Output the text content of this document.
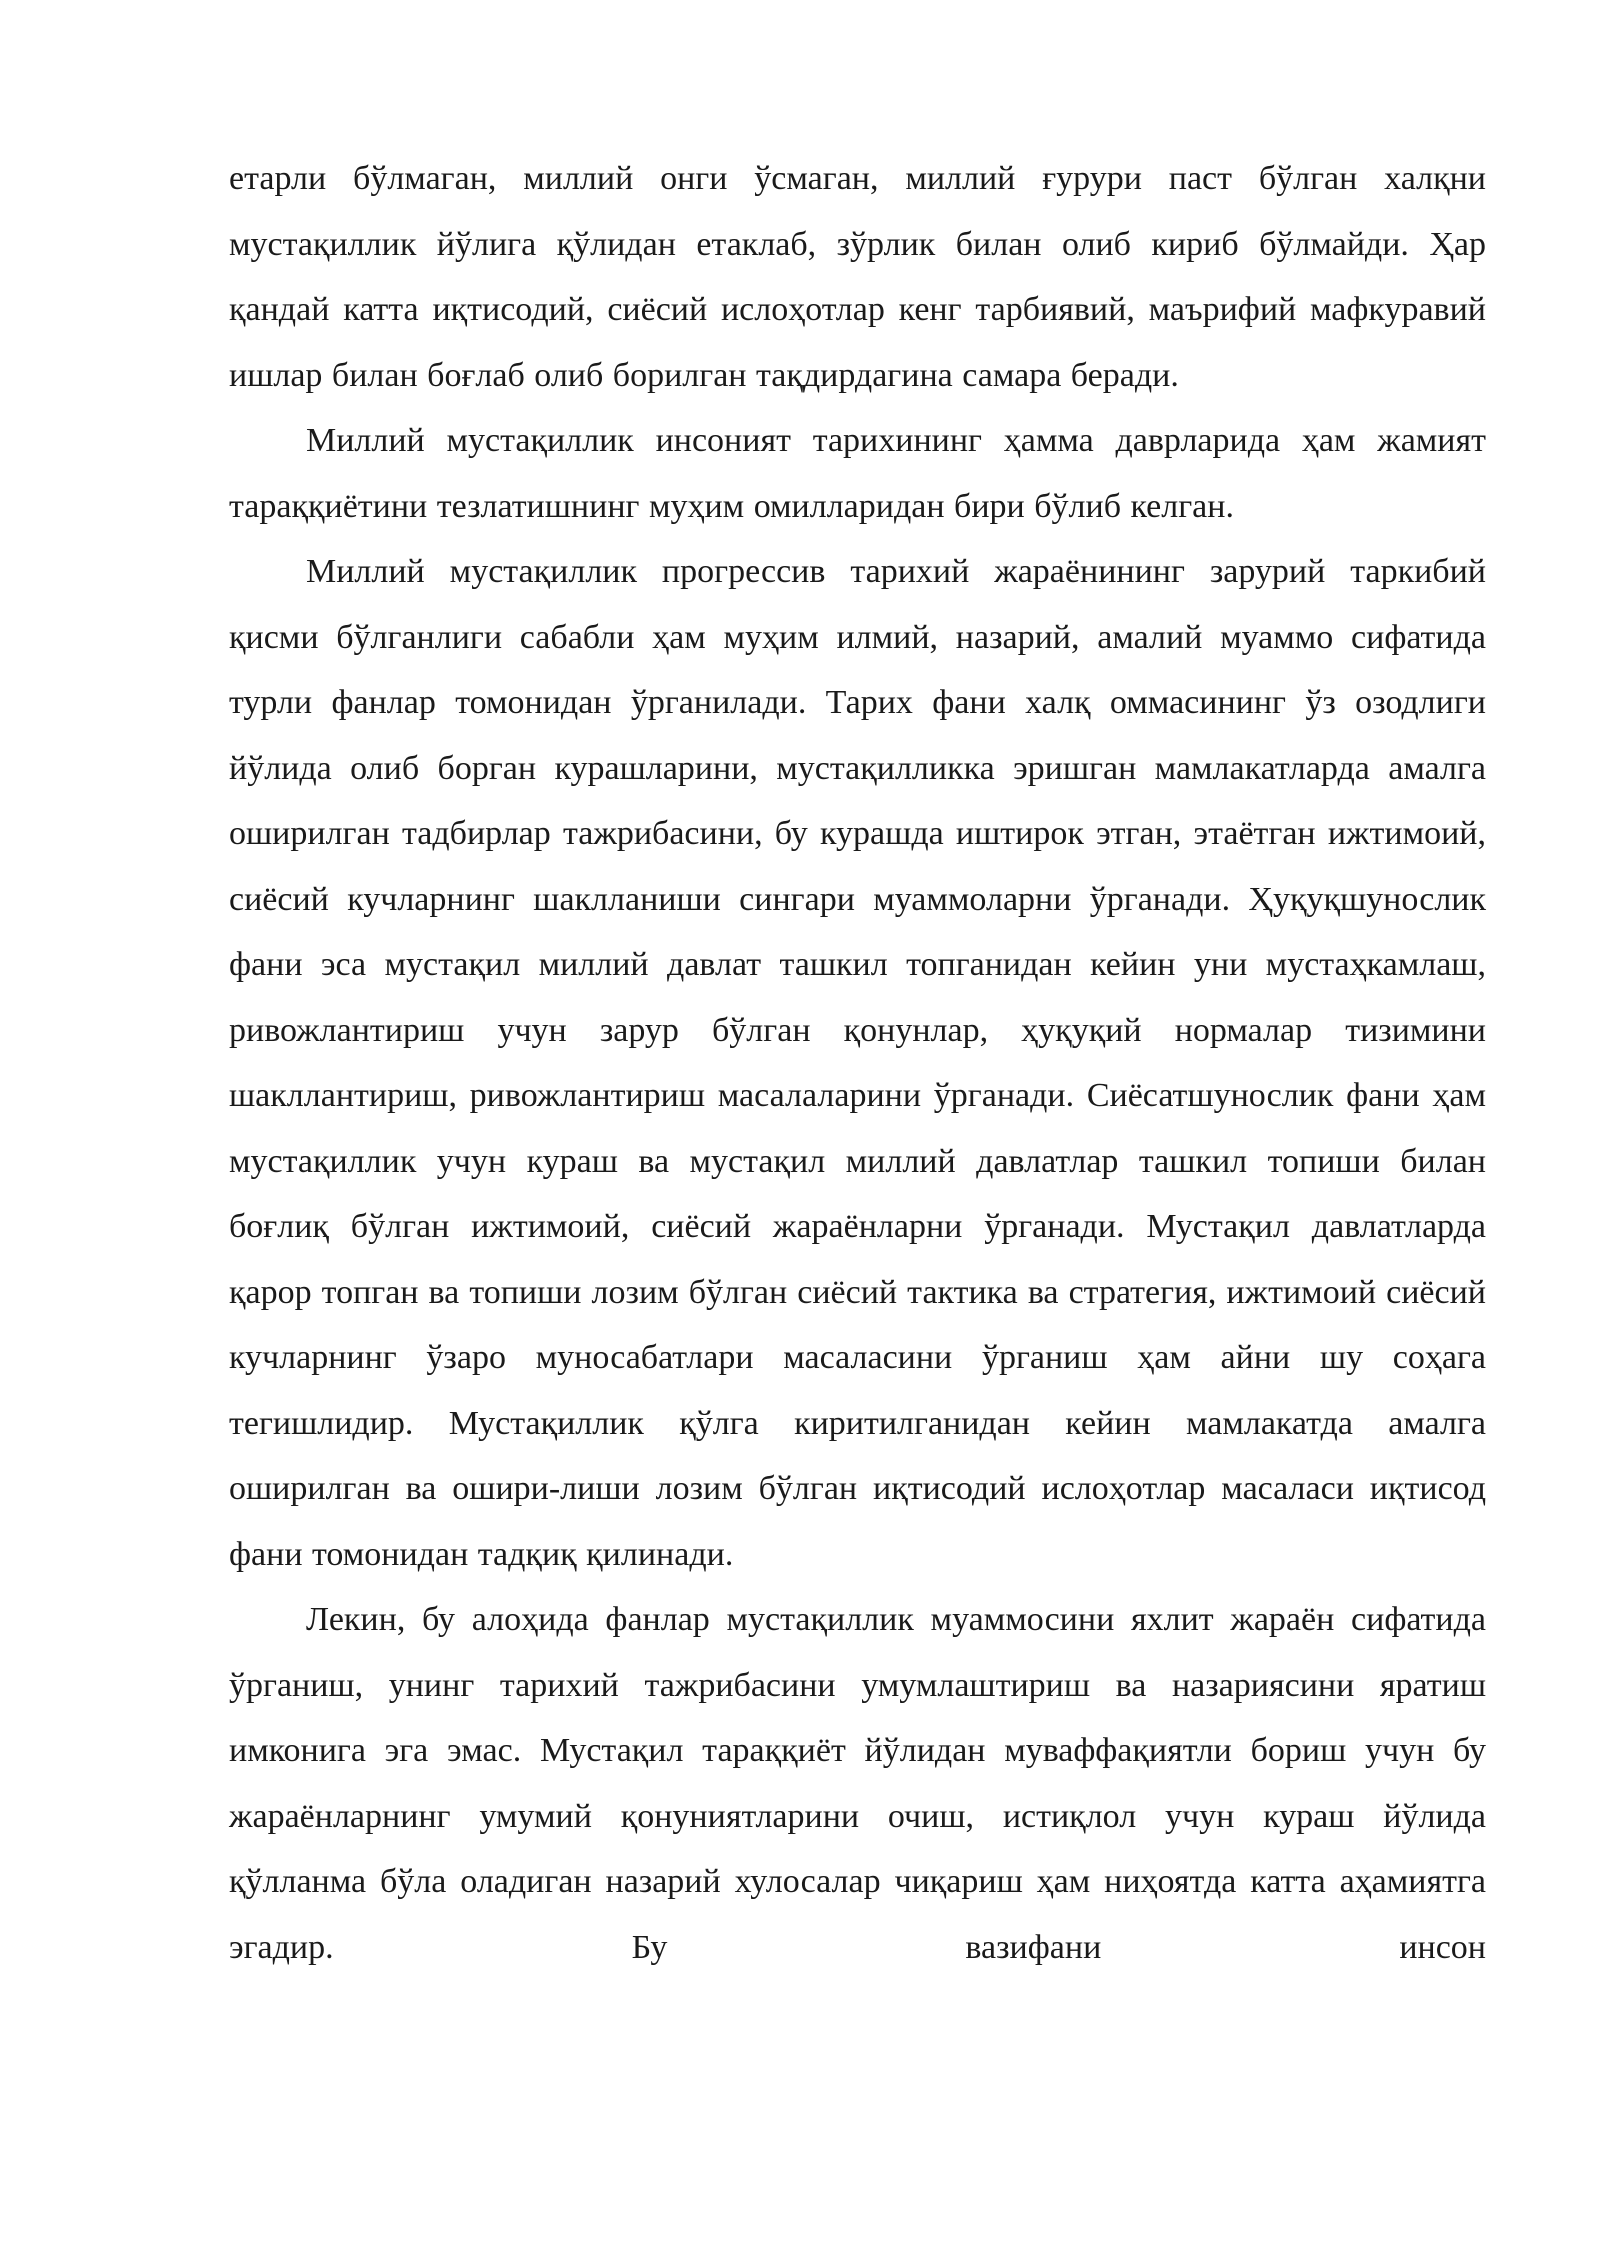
етарли бўлмаган, миллий онги ўсмаган, миллий ғурури паст бўлган халқни мустақиллик йўлига қўлидан етаклаб, зўрлик билан олиб кириб бўлмайди. Ҳар қандай катта иқтисодий, сиёсий ислоҳотлар кенг тарбиявий, маърифий мафкуравий ишлар билан боғлаб олиб борилган тақдирдагина самара беради.

Миллий мустақиллик инсоният тарихининг ҳамма даврларида ҳам жамият тараққиётини тезлатишнинг муҳим омилларидан бири бўлиб келган.

Миллий мустақиллик прогрессив тарихий жараёнининг зарурий таркибий қисми бўлганлиги сабабли ҳам муҳим илмий, назарий, амалий муаммо сифатида турли фанлар томонидан ўрганилади. Тарих фани халқ оммасининг ўз озодлиги йўлида олиб борган курашларини, мустақилликка эришган мамлакатларда амалга оширилган тадбирлар тажрибасини, бу курашда иштирок этган, этаётган ижтимоий, сиёсий кучларнинг шаклланиши сингари муаммоларни ўрганади. Ҳуқуқшунослик фани эса мустақил миллий давлат ташкил топганидан кейин уни мустаҳкамлаш, ривожлантириш учун зарур бўлган қонунлар, ҳуқуқий нормалар тизимини шакллантириш, ривожлантириш масалаларини ўрганади. Сиёсатшунослик фани ҳам мустақиллик учун кураш ва мустақил миллий давлатлар ташкил топиши билан боғлиқ бўлган ижтимоий, сиёсий жараёнларни ўрганади. Мустақил давлатларда қарор топган ва топиши лозим бўлган сиёсий тактика ва стратегия, ижтимоий сиёсий кучларнинг ўзаро муносабатлари масаласини ўрганиш ҳам айни шу соҳага тегишлидир. Мустақиллик қўлга киритилганидан кейин мамлакатда амалга оширилган ва ошири-лиши лозим бўлган иқтисодий ислоҳотлар масаласи иқтисод фани томонидан тадқиқ қилинади.

Лекин, бу алоҳида фанлар мустақиллик муаммосини яхлит жараён сифатида ўрганиш, унинг тарихий тажрибасини умумлаштириш ва назариясини яратиш имконига эга эмас. Мустақил тараққиёт йўлидан муваффақиятли бориш учун бу жараёнларнинг умумий қонуниятларини очиш, истиқлол учун кураш йўлида қўлланма бўла оладиган назарий хулосалар чиқариш ҳам ниҳоятда катта аҳамиятга эгадир. Бу вазифани инсон
